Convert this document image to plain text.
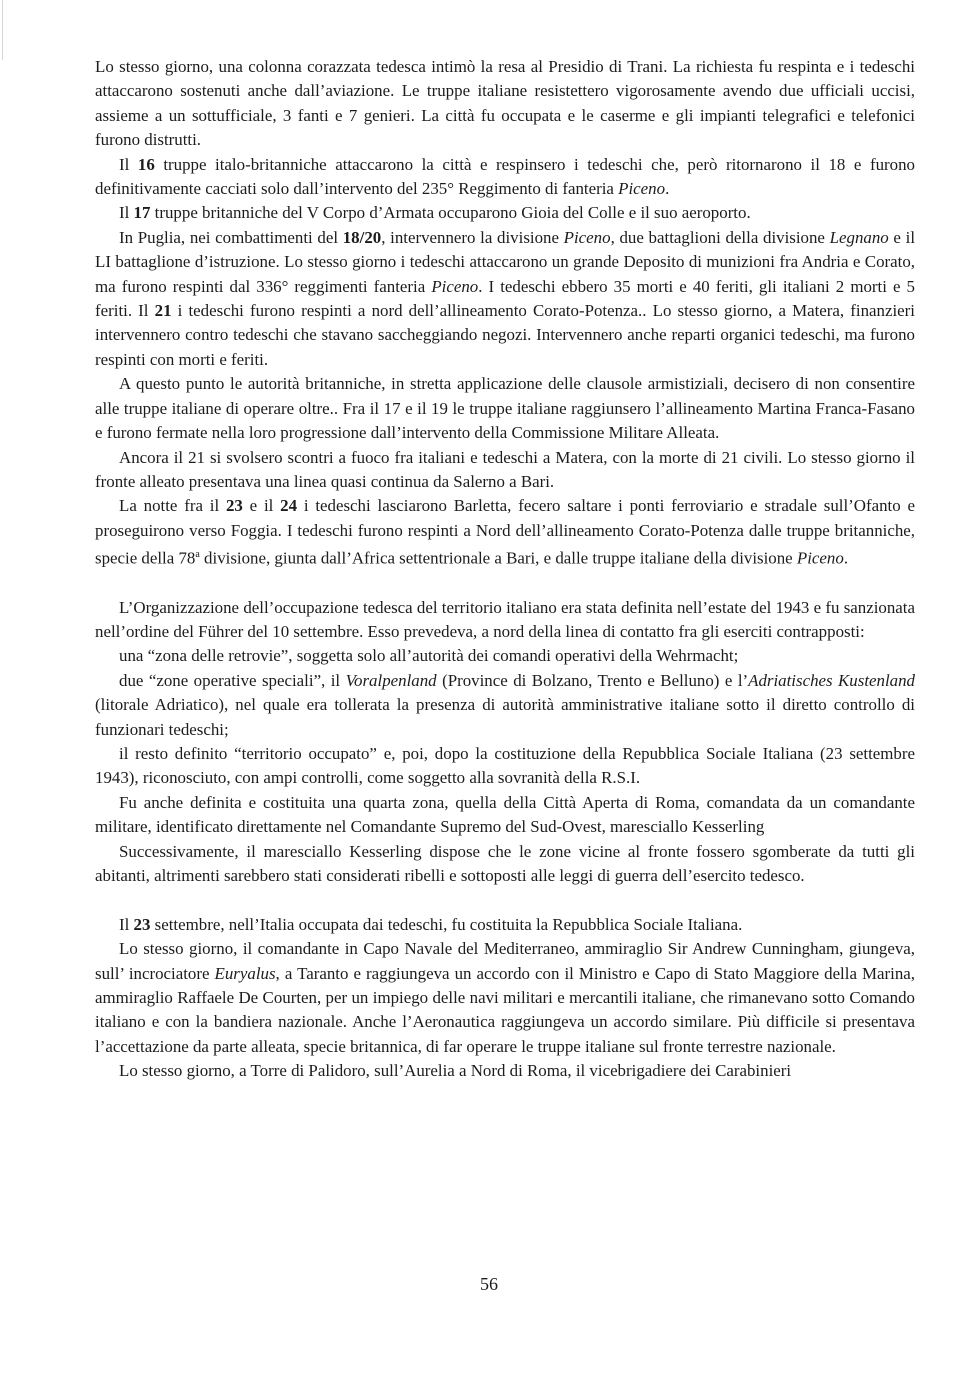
Lo stesso giorno, una colonna corazzata tedesca intimò la resa al Presidio di Trani. La richiesta fu respinta e i tedeschi attaccarono sostenuti anche dall’aviazione. Le truppe italiane resistettero vigorosamente avendo due ufficiali uccisi, assieme a un sottufficiale, 3 fanti e 7 genieri. La città fu occupata e le caserme e gli impianti telegrafici e telefonici furono distrutti.

Il 16 truppe italo-britanniche attaccarono la città e respinsero i tedeschi che, però ritornarono il 18 e furono definitivamente cacciati solo dall’intervento del 235° Reggimento di fanteria Piceno.

Il 17 truppe britanniche del V Corpo d’Armata occuparono Gioia del Colle e il suo aeroporto.

In Puglia, nei combattimenti del 18/20, intervennero la divisione Piceno, due battaglioni della divisione Legnano e il LI battaglione d’istruzione. Lo stesso giorno i tedeschi attaccarono un grande Deposito di munizioni fra Andria e Corato, ma furono respinti dal 336° reggimenti fanteria Piceno. I tedeschi ebbero 35 morti e 40 feriti, gli italiani 2 morti e 5 feriti. Il 21 i tedeschi furono respinti a nord dell’allineamento Corato-Potenza.. Lo stesso giorno, a Matera, finanzieri intervennero contro tedeschi che stavano saccheggiando negozi. Intervennero anche reparti organici tedeschi, ma furono respinti con morti e feriti.

A questo punto le autorità britanniche, in stretta applicazione delle clausole armistiziali, decisero di non consentire alle truppe italiane di operare oltre.. Fra il 17 e il 19 le truppe italiane raggiunsero l’allineamento Martina Franca-Fasano e furono fermate nella loro progressione dall’intervento della Commissione Militare Alleata.

Ancora il 21 si svolsero scontri a fuoco fra italiani e tedeschi a Matera, con la morte di 21 civili. Lo stesso giorno il fronte alleato presentava una linea quasi continua da Salerno a Bari.

La notte fra il 23 e il 24 i tedeschi lasciarono Barletta, fecero saltare i ponti ferroviario e stradale sull’Ofanto e proseguirono verso Foggia. I tedeschi furono respinti a Nord dell’allineamento Corato-Potenza dalle truppe britanniche, specie della 78$^a$ divisione, giunta dall’Africa settentrionale a Bari, e dalle truppe italiane della divisione Piceno.

L’Organizzazione dell’occupazione tedesca del territorio italiano era stata definita nell’estate del 1943 e fu sanzionata nell’ordine del Führer del 10 settembre. Esso prevedeva, a nord della linea di contatto fra gli eserciti contrapposti:

una “zona delle retrovie”, soggetta solo all’autorità dei comandi operativi della Wehrmacht;

due “zone operative speciali”, il Voralpenland (Province di Bolzano, Trento e Belluno) e l’Adriatisches Kustenland (litorale Adriatico), nel quale era tollerata la presenza di autorità amministrative italiane sotto il diretto controllo di funzionari tedeschi;

il resto definito “territorio occupato” e, poi, dopo la costituzione della Repubblica Sociale Italiana (23 settembre 1943), riconosciuto, con ampi controlli, come soggetto alla sovranità della R.S.I.

Fu anche definita e costituita una quarta zona, quella della Città Aperta di Roma, comandata da un comandante militare, identificato direttamente nel Comandante Supremo del Sud-Ovest, maresciallo Kesserling

Successivamente, il maresciallo Kesserling dispose che le zone vicine al fronte fossero sgomberate da tutti gli abitanti, altrimenti sarebbero stati considerati ribelli e sottoposti alle leggi di guerra dell’esercito tedesco.

Il 23 settembre, nell’Italia occupata dai tedeschi, fu costituita la Repubblica Sociale Italiana.

Lo stesso giorno, il comandante in Capo Navale del Mediterraneo, ammiraglio Sir Andrew Cunningham, giungeva, sull’ incrociatore Euryalus, a Taranto e raggiungeva un accordo con il Ministro e Capo di Stato Maggiore della Marina, ammiraglio Raffaele De Courten, per un impiego delle navi militari e mercantili italiane, che rimanevano sotto Comando italiano e con la bandiera nazionale. Anche l’Aeronautica raggiungeva un accordo similare. Più difficile si presentava l’accettazione da parte alleata, specie britannica, di far operare le truppe italiane sul fronte terrestre nazionale.

Lo stesso giorno, a Torre di Palidoro, sull’Aurelia a Nord di Roma, il vicebrigadiere dei Carabinieri

56
